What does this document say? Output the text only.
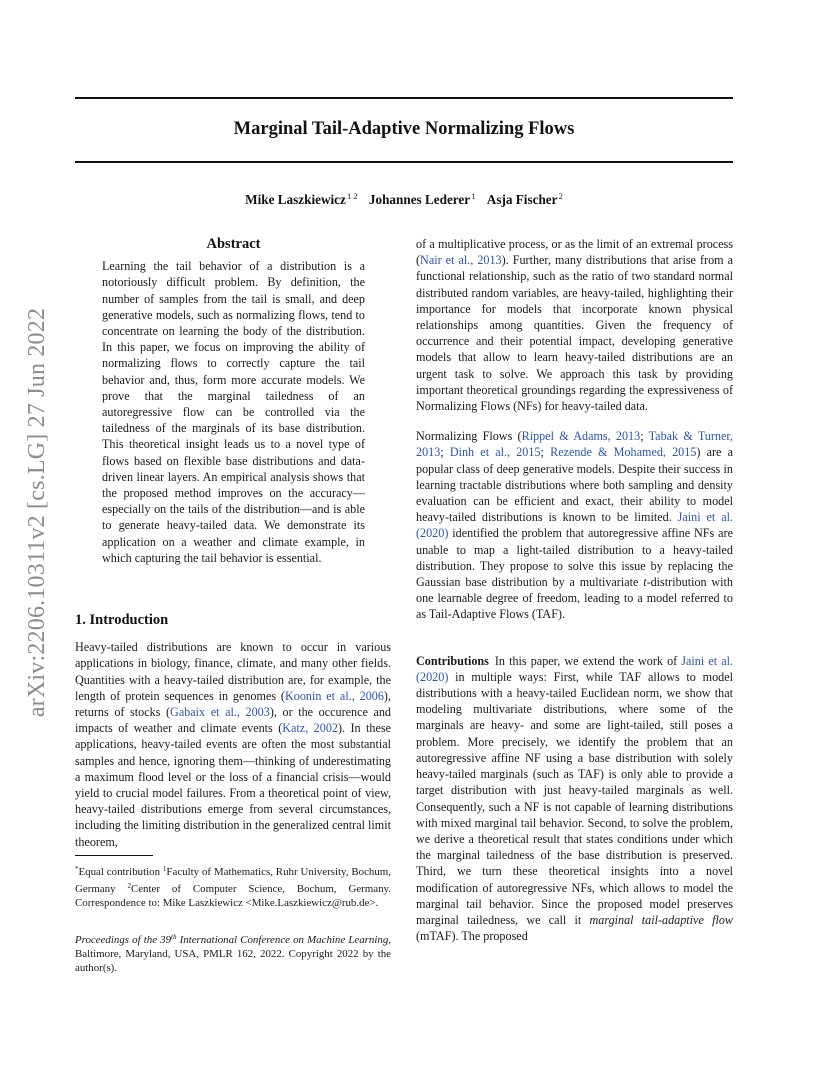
Marginal Tail-Adaptive Normalizing Flows
Mike Laszkiewicz $^{1 2}$ Johannes Lederer $^1$ Asja Fischer $^2$
arXiv:2206.10311v2 [cs.LG] 27 Jun 2022
Abstract

Learning the tail behavior of a distribution is a notoriously difficult problem. By definition, the number of samples from the tail is small, and deep generative models, such as normalizing flows, tend to concentrate on learning the body of the distribution. In this paper, we focus on improving the ability of normalizing flows to correctly capture the tail behavior and, thus, form more accurate models. We prove that the marginal tailedness of an autoregressive flow can be controlled via the tailedness of the marginals of its base distribution. This theoretical insight leads us to a novel type of flows based on flexible base distributions and data-driven linear layers. An empirical analysis shows that the proposed method improves on the accuracy—especially on the tails of the distribution—and is able to generate heavy-tailed data. We demonstrate its application on a weather and climate example, in which capturing the tail behavior is essential.

1. Introduction

Heavy-tailed distributions are known to occur in various applications in biology, finance, climate, and many other fields. Quantities with a heavy-tailed distribution are, for example, the length of protein sequences in genomes (Koonin et al., 2006), returns of stocks (Gabaix et al., 2003), or the occurence and impacts of weather and climate events (Katz, 2002). In these applications, heavy-tailed events are often the most substantial samples and hence, ignoring them—thinking of underestimating a maximum flood level or the loss of a financial crisis—would yield to crucial model failures. From a theoretical point of view, heavy-tailed distributions emerge from several circumstances, including the limiting distribution in the generalized central limit theorem,

of a multiplicative process, or as the limit of an extremal process (Nair et al., 2013). Further, many distributions that arise from a functional relationship, such as the ratio of two standard normal distributed random variables, are heavy-tailed, highlighting their importance for models that incorporate known physical relationships among quantities. Given the frequency of occurrence and their potential impact, developing generative models that allow to learn heavy-tailed distributions are an urgent task to solve. We approach this task by providing important theoretical groundings regarding the expressiveness of Normalizing Flows (NFs) for heavy-tailed data.

Normalizing Flows (Rippel & Adams, 2013; Tabak & Turner, 2013; Dinh et al., 2015; Rezende & Mohamed, 2015) are a popular class of deep generative models. Despite their success in learning tractable distributions where both sampling and density evaluation can be efficient and exact, their ability to model heavy-tailed distributions is known to be limited. Jaini et al. (2020) identified the problem that autoregressive affine NFs are unable to map a light-tailed distribution to a heavy-tailed distribution. They propose to solve this issue by replacing the Gaussian base distribution by a multivariate t-distribution with one learnable degree of freedom, leading to a model referred to as Tail-Adaptive Flows (TAF).

Contributions In this paper, we extend the work of Jaini et al. (2020) in multiple ways: First, while TAF allows to model distributions with a heavy-tailed Euclidean norm, we show that modeling multivariate distributions, where some of the marginals are heavy- and some are light-tailed, still poses a problem. More precisely, we identify the problem that an autoregressive affine NF using a base distribution with solely heavy-tailed marginals (such as TAF) is only able to provide a target distribution with just heavy-tailed marginals as well. Consequently, such a NF is not capable of learning distributions with mixed marginal tail behavior. Second, to solve the problem, we derive a theoretical result that states conditions under which the marginal tailedness of the base distribution is preserved. Third, we turn these theoretical insights into a novel modification of autoregressive NFs, which allows to model the marginal tail behavior. Since the proposed model preserves marginal tailedness, we call it marginal tail-adaptive flow (mTAF). The proposed

*Equal contribution $^1$Faculty of Mathematics, Ruhr University, Bochum, Germany $^2$Center of Computer Science, Bochum, Germany. Correspondence to: Mike Laszkiewicz <Mike.Laszkiewicz@rub.de>.
Proceedings of the 39th International Conference on Machine Learning, Baltimore, Maryland, USA, PMLR 162, 2022. Copyright 2022 by the author(s).
